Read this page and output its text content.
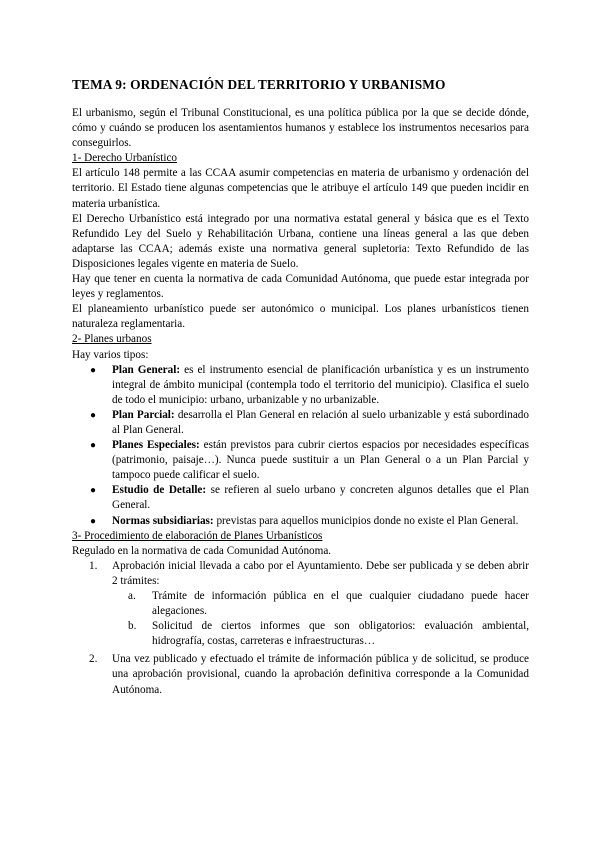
TEMA 9: ORDENACIÓN DEL TERRITORIO Y URBANISMO

El urbanismo, según el Tribunal Constitucional, es una política pública por la que se decide dónde, cómo y cuándo se producen los asentamientos humanos y establece los instrumentos necesarios para conseguirlos.

1- Derecho Urbanístico

El artículo 148 permite a las CCAA asumir competencias en materia de urbanismo y ordenación del territorio. El Estado tiene algunas competencias que le atribuye el artículo 149 que pueden incidir en materia urbanística.

El Derecho Urbanístico está integrado por una normativa estatal general y básica que es el Texto Refundido Ley del Suelo y Rehabilitación Urbana, contiene una líneas general a las que deben adaptarse las CCAA; además existe una normativa general supletoria: Texto Refundido de las Disposiciones legales vigente en materia de Suelo.

Hay que tener en cuenta la normativa de cada Comunidad Autónoma, que puede estar integrada por leyes y reglamentos.

El planeamiento urbanístico puede ser autonómico o municipal. Los planes urbanísticos tienen naturaleza reglamentaria.

2- Planes urbanos

Hay varios tipos:

● Plan General: es el instrumento esencial de planificación urbanística y es un instrumento integral de ámbito municipal (contempla todo el territorio del municipio). Clasifica el suelo de todo el municipio: urbano, urbanizable y no urbanizable.
● Plan Parcial: desarrolla el Plan General en relación al suelo urbanizable y está subordinado al Plan General.
● Planes Especiales: están previstos para cubrir ciertos espacios por necesidades específicas (patrimonio, paisaje…). Nunca puede sustituir a un Plan General o a un Plan Parcial y tampoco puede calificar el suelo.
● Estudio de Detalle: se refieren al suelo urbano y concreten algunos detalles que el Plan General.
● Normas subsidiarias: previstas para aquellos municipios donde no existe el Plan General.

3- Procedimiento de elaboración de Planes Urbanísticos

Regulado en la normativa de cada Comunidad Autónoma.

1. Aprobación inicial llevada a cabo por el Ayuntamiento. Debe ser publicada y se deben abrir 2 trámites:
a. Trámite de información pública en el que cualquier ciudadano puede hacer alegaciones.
b. Solicitud de ciertos informes que son obligatorios: evaluación ambiental, hidrografía, costas, carreteras e infraestructuras…
2. Una vez publicado y efectuado el trámite de información pública y de solicitud, se produce una aprobación provisional, cuando la aprobación definitiva corresponde a la Comunidad Autónoma.
